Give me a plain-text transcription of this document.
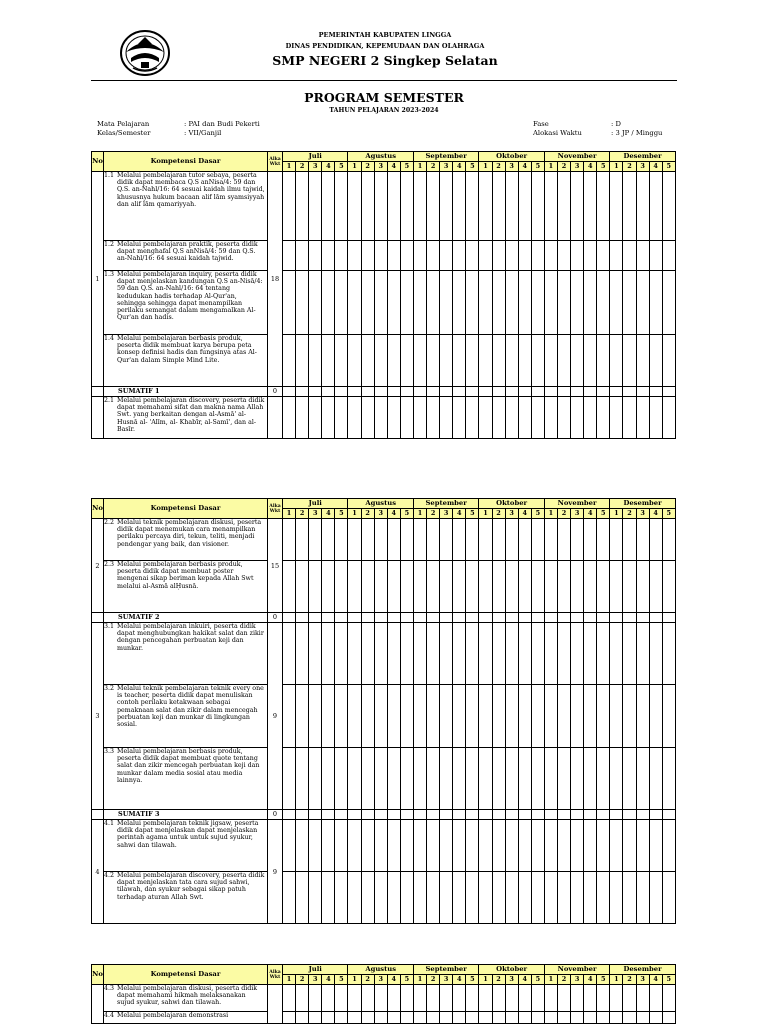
PEMERINTAH KABUPATEN LINGGA
DINAS PENDIDIKAN, KEPEMUDAAN DAN OLAHRAGA
SMP NEGERI 2 Singkep Selatan
PROGRAM SEMESTER
TAHUN PELAJARAN 2023-2024
Mata Pelajaran	: PAI dan Budi Pekerti
Kelas/Semester	: VII/Ganjil
Fase	: D
Alokasi Waktu	: 3 JP / Minggu
No	Kompetensi Dasar	Alka Wkt	Juli					Agustus					September					Oktober					November					Desember				
			1	2	3	4	5	1	2	3	4	5	1	2	3	4	5	1	2	3	4	5	1	2	3	4	5	1	2	3	4	5
1	1.1 Melalui pembelajaran tutor sebaya, peserta didik dapat membaca Q.S anNisa/4: 59 dan Q.S. an-Nahl/16: 64 sesuai kaidah ilmu tajwid, khususnya hukum bacaan alif lām syamsiyyah dan alif lām qamariyyah.	18																														

	1.2 Melalui pembelajaran praktik, peserta didik dapat menghafal Q.S anNisā/4: 59 dan Q.S. an-Nahl/16: 64 sesuai kaidah tajwid.																															

	1.3 Melalui pembelajaran inquiry, peserta didik dapat menjelaskan kandungan Q.S an-Nisā/4: 59 dan Q.S. an-Nahl/16: 64 tentang kedudukan hadis terhadap Al-Qur'an, sehingga sehingga dapat menampilkan perilaku semangat dalam mengamalkan Al-Qur'an dan hadis.																															

	1.4 Melalui pembelajaran berbasis produk, peserta didik membuat karya berupa peta konsep definisi hadis dan fungsinya atas Al-Qur'an dalam Simple Mind Lite.																															

	SUMATIF 1	0																														

	2.1 Melalui pembelajaran discovery, peserta didik dapat memahami sifat dan makna nama Allah Swt. yang berkaitan dengan al-Asmā' al-Husnā al- 'Alīm, al- Khabīr, al-Samī', dan al-Basīr.																															

No	Kompetensi Dasar	Alka Wkt	Juli					Agustus					September					Oktober					November					Desember				
			1	2	3	4	5	1	2	3	4	5	1	2	3	4	5	1	2	3	4	5	1	2	3	4	5	1	2	3	4	5
2	2.2 Melalui teknik pembelajaran diskusi, peserta didik dapat menemukan cara menampilkan perilaku percaya diri, tekun, teliti, menjadi pendengar yang baik, dan visioner.	15																														

	2.3 Melalui pembelajaran berbasis produk, peserta didik dapat membuat poster mengenai sikap beriman kepada Allah Swt melalui al-Asmā alḤusnā.																															

	SUMATIF 2	0																														
3	3.1 Melalui pembelajaran inkuiri, peserta didik dapat menghubungkan hakikat salat dan zikir dengan pencegahan perbuatan keji dan munkar.	9																														

	3.2 Melalui teknik pembelajaran teknik every one is teacher, peserta didik dapat menuliskan contoh perilaku ketakwaan sebagai pemaknaan salat dan zikir dalam mencegah perbuatan keji dan munkar di lingkungan sosial.																															

	3.3 Melalui pembelajaran berbasis produk, peserta didik dapat membuat quote tentang salat dan zikir mencegah perbuatan keji dan munkar dalam media sosial atau media lainnya.																															

	SUMATIF 3	0																														
4	4.1 Melalui pembelajaran teknik jigsaw, peserta didik dapat menjelaskan dapat menjelaskan perintah agama untuk untuk sujud syukur, sahwi dan tilawah.	9																														

	4.2 Melalui pembelajaran discovery, peserta didik dapat menjelaskan tata cara sujud sahwi, tilawah, dan syukur sebagai sikap patuh terhadap aturan Allah Swt.																															

No	Kompetensi Dasar	Alka Wkt	Juli					Agustus					September					Oktober					November					Desember				
			1	2	3	4	5	1	2	3	4	5	1	2	3	4	5	1	2	3	4	5	1	2	3	4	5	1	2	3	4	5

	4.3 Melalui pembelajaran diskusi, peserta didik dapat memahami hikmah melaksanakan sujud syukur, sahwi dan tilawah.																															

	4.4 Melalui pembelajaran demonstrasi																															
